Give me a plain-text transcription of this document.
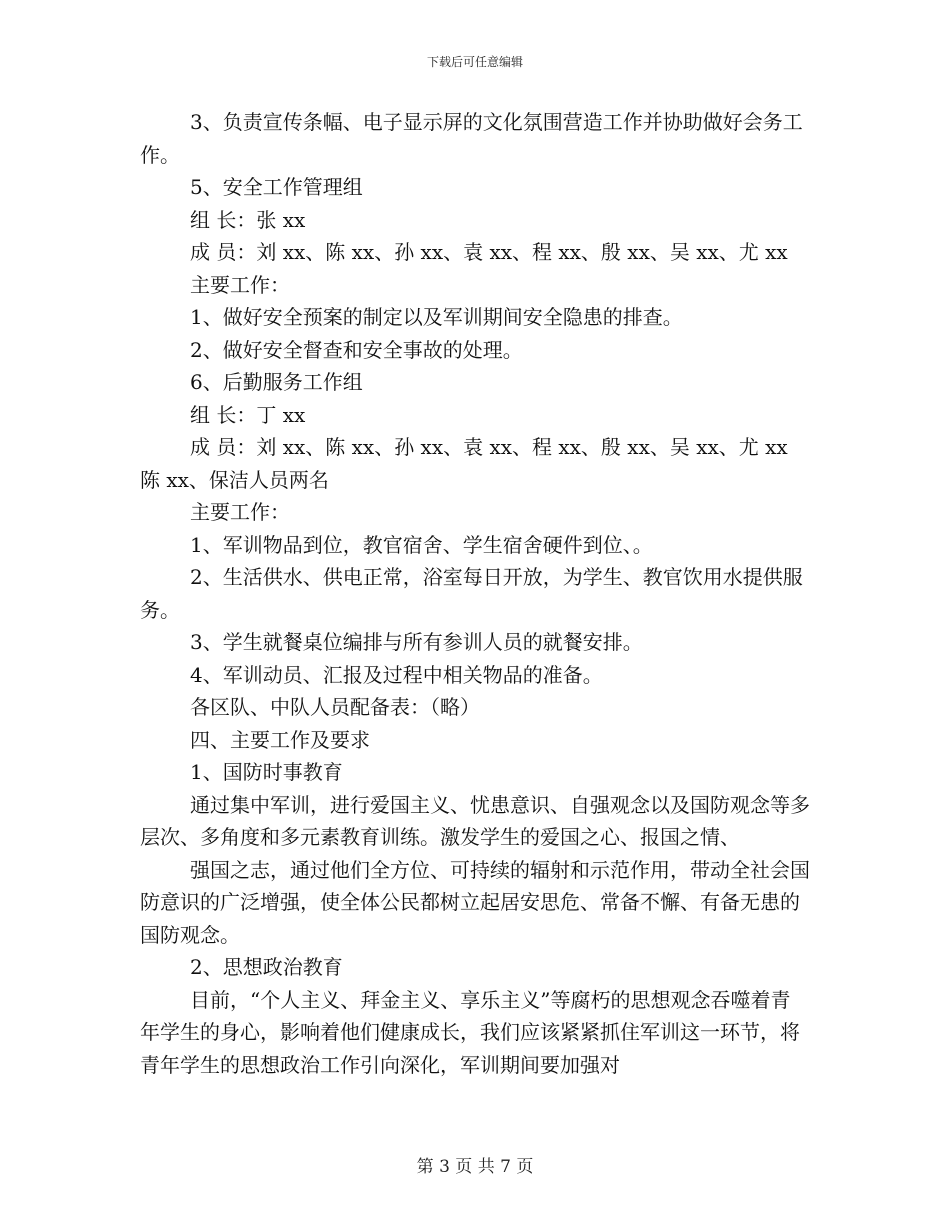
下载后可任意编辑

3、负责宣传条幅、电子显示屏的文化氛围营造工作并协助做好会务工作。

5、安全工作管理组

组 长：张 xx

成 员：刘 xx、陈 xx、孙 xx、袁 xx、程 xx、殷 xx、吴 xx、尤 xx

主要工作：

1、做好安全预案的制定以及军训期间安全隐患的排查。

2、做好安全督查和安全事故的处理。

6、后勤服务工作组

组 长：丁 xx

成 员：刘 xx、陈 xx、孙 xx、袁 xx、程 xx、殷 xx、吴 xx、尤 xx 陈 xx、保洁人员两名

主要工作：

1、军训物品到位，教官宿舍、学生宿舍硬件到位、。

2、生活供水、供电正常，浴室每日开放，为学生、教官饮用水提供服务。

3、学生就餐桌位编排与所有参训人员的就餐安排。

4、军训动员、汇报及过程中相关物品的准备。

各区队、中队人员配备表：（略）

四、主要工作及要求

1、国防时事教育

通过集中军训，进行爱国主义、忧患意识、自强观念以及国防观念等多层次、多角度和多元素教育训练。激发学生的爱国之心、报国之情、

强国之志，通过他们全方位、可持续的辐射和示范作用，带动全社会国防意识的广泛增强，使全体公民都树立起居安思危、常备不懈、有备无患的国防观念。

2、思想政治教育

目前，“个人主义、拜金主义、享乐主义”等腐朽的思想观念吞噬着青年学生的身心，影响着他们健康成长，我们应该紧紧抓住军训这一环节，将青年学生的思想政治工作引向深化，军训期间要加强对

第 3 页 共 7 页
